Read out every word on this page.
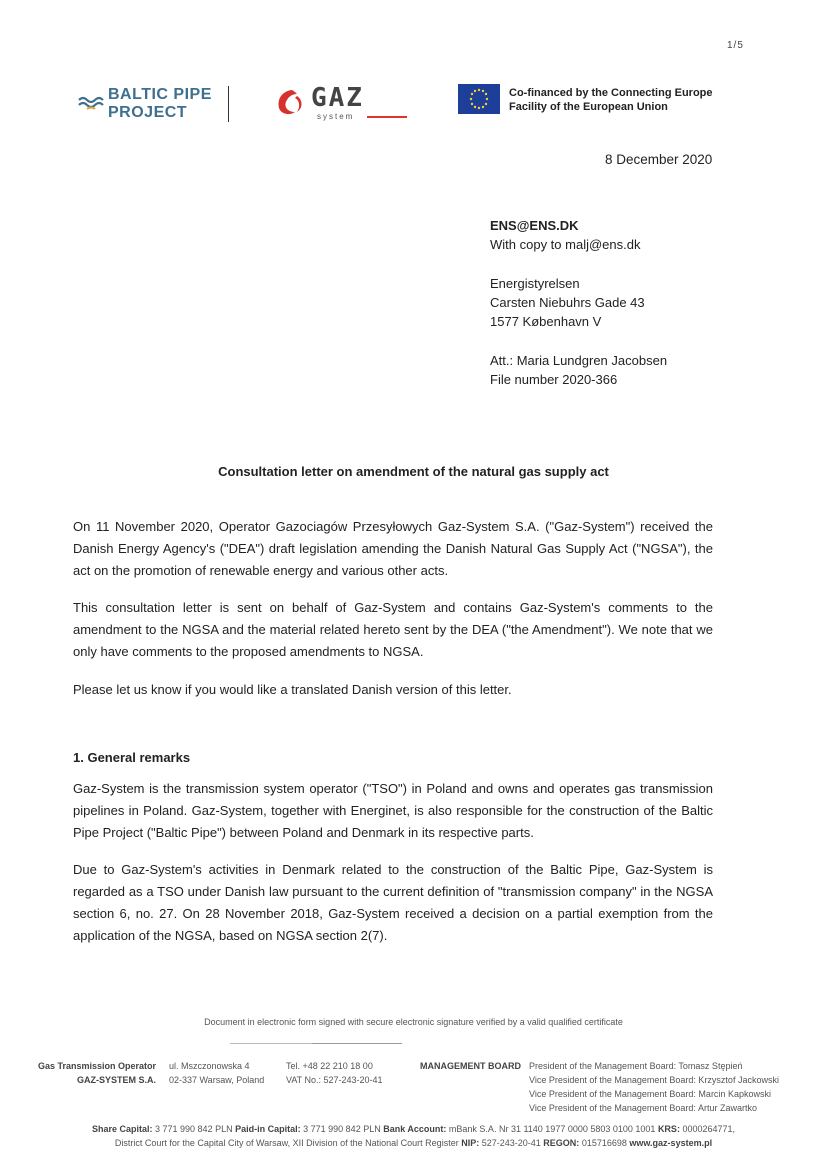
1/5
BALTIC PIPE
PROJECT	GAZ
system
Co-financed by the Connecting Europe Facility of the European Union
8 December 2020
ENS@ENS.DK
With copy to malj@ens.dk
Energistyrelsen
Carsten Niebuhrs Gade 43
1577 København V
Att.: Maria Lundgren Jacobsen
File number 2020-366
Consultation letter on amendment of the natural gas supply act
On 11 November 2020, Operator Gazociagów Przesyłowych Gaz-System S.A. ("Gaz-System") received the Danish Energy Agency's ("DEA") draft legislation amending the Danish Natural Gas Supply Act ("NGSA"), the act on the promotion of renewable energy and various other acts.
This consultation letter is sent on behalf of Gaz-System and contains Gaz-System's comments to the amendment to the NGSA and the material related hereto sent by the DEA ("the Amendment"). We note that we only have comments to the proposed amendments to NGSA.
Please let us know if you would like a translated Danish version of this letter.
1. General remarks
Gaz-System is the transmission system operator ("TSO") in Poland and owns and operates gas transmission pipelines in Poland. Gaz-System, together with Energinet, is also responsible for the construction of the Baltic Pipe Project ("Baltic Pipe") between Poland and Denmark in its respective parts.
Due to Gaz-System's activities in Denmark related to the construction of the Baltic Pipe, Gaz-System is regarded as a TSO under Danish law pursuant to the current definition of "transmission company" in the NGSA section 6, no. 27. On 28 November 2018, Gaz-System received a decision on a partial exemption from the application of the NGSA, based on NGSA section 2(7).
Document in electronic form signed with secure electronic signature verified by a valid qualified certificate
Gas Transmission Operator
GAZ-SYSTEM S.A.
ul. Mszczonowska 4
02-337 Warsaw, Poland
Tel. +48 22 210 18 00
VAT No.: 527-243-20-41
MANAGEMENT BOARD President of the Management Board: Tomasz Stępień
Vice President of the Management Board: Krzysztof Jackowski
Vice President of the Management Board: Marcin Kapkowski
Vice President of the Management Board: Artur Zawartko
Share Capital: 3 771 990 842 PLN Paid-in Capital: 3 771 990 842 PLN Bank Account: mBank S.A. Nr 31 1140 1977 0000 5803 0100 1001 KRS: 0000264771,
District Court for the Capital City of Warsaw, XII Division of the National Court Register NIP: 527-243-20-41 REGON: 015716698 www.gaz-system.pl
